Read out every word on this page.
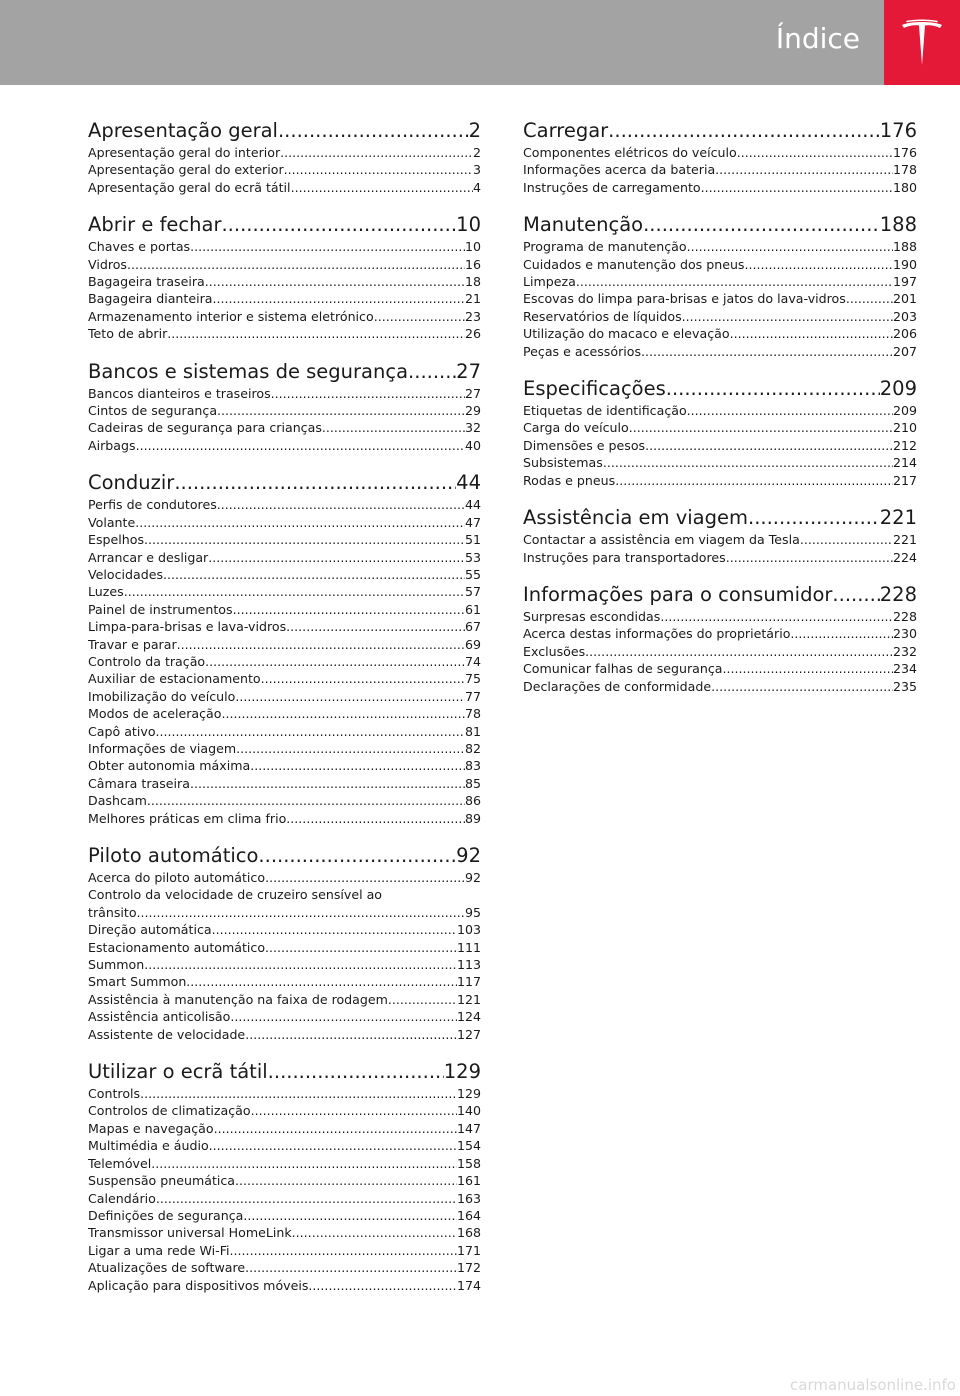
Índice
Apresentação geral .....	2
Apresentação geral do interior .....	2
Apresentação geral do exterior .....	3
Apresentação geral do ecrã tátil .....	4
Abrir e fechar .....	10
Chaves e portas .....	10
Vidros .....	16
Bagageira traseira .....	18
Bagageira dianteira .....	21
Armazenamento interior e sistema eletrónico .....	23
Teto de abrir .....	26
Bancos e sistemas de segurança ..... 27
Bancos dianteiros e traseiros .....	27
Cintos de segurança .....	29
Cadeiras de segurança para crianças .....	32
Airbags .....	40
Conduzir .....	44
Perfis de condutores .....	44
Volante .....	47
Espelhos .....	51
Arrancar e desligar .....	53
Velocidades .....	55
Luzes .....	57
Painel de instrumentos .....	61
Limpa-para-brisas e lava-vidros .....	67
Travar e parar .....	69
Controlo da tração .....	74
Auxiliar de estacionamento .....	75
Imobilização do veículo .....	77
Modos de aceleração .....	78
Capô ativo .....	81
Informações de viagem .....	82
Obter autonomia máxima .....	83
Câmara traseira .....	85
Dashcam .....	86
Melhores práticas em clima frio .....	89
Piloto automático .....	92
Acerca do piloto automático .....	92
Controlo da velocidade de cruzeiro sensível ao
trânsito .....	95
Direção automática .....	103
Estacionamento automático .....	111
Summon .....	113
Smart Summon .....	117
Assistência à manutenção na faixa de rodagem .....	121
Assistência anticolisão .....	124
Assistente de velocidade .....	127
Utilizar o ecrã tátil .....	129
Controls .....	129
Controlos de climatização .....	140
Mapas e navegação .....	147
Multimédia e áudio .....	154
Telemóvel .....	158
Suspensão pneumática .....	161
Calendário .....	163
Definições de segurança .....	164
Transmissor universal HomeLink .....	168
Ligar a uma rede Wi-Fi .....	171
Atualizações de software .....	172
Aplicação para dispositivos móveis .....	174
Carregar .....	176
Componentes elétricos do veículo .....	176
Informações acerca da bateria .....	178
Instruções de carregamento .....	180
Manutenção .....	188
Programa de manutenção .....	188
Cuidados e manutenção dos pneus .....	190
Limpeza .....	197
Escovas do limpa para-brisas e jatos do lava-vidros .....	201
Reservatórios de líquidos .....	203
Utilização do macaco e elevação .....	206
Peças e acessórios .....	207
Especificações .....	209
Etiquetas de identificação .....	209
Carga do veículo .....	210
Dimensões e pesos .....	212
Subsistemas .....	214
Rodas e pneus .....	217
Assistência em viagem .....	221
Contactar a assistência em viagem da Tesla .....	221
Instruções para transportadores .....	224
Informações para o consumidor ..... 228
Surpresas escondidas .....	228
Acerca destas informações do proprietário .....	230
Exclusões .....	232
Comunicar falhas de segurança .....	234
Declarações de conformidade .....	235
carmanualsonline.info
